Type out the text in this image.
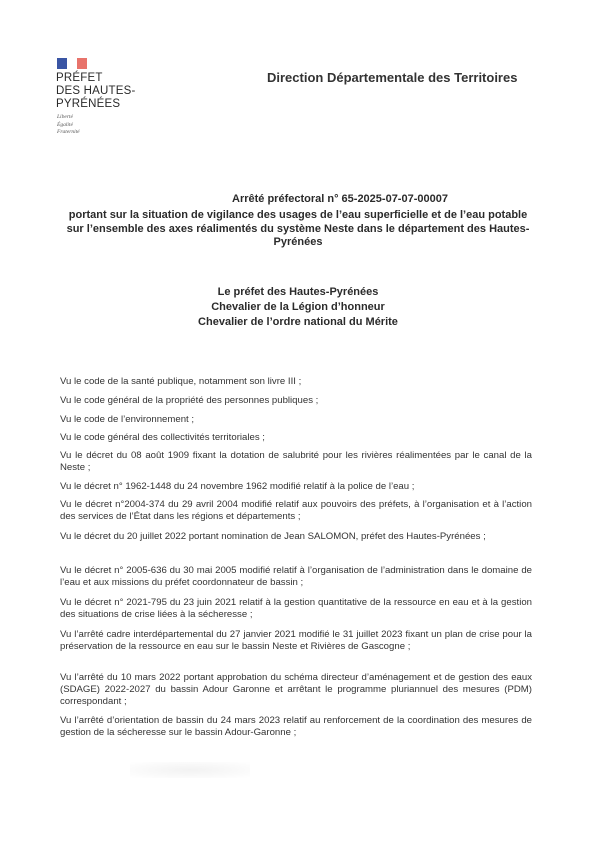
PRÉFET
DES HAUTES-
PYRÉNÉES
Liberté
Égalité
Fraternité
Direction Départementale des Territoires
Arrêté préfectoral n° 65-2025-07-07-00007
portant sur la situation de vigilance des usages de l’eau superficielle et de l’eau potable sur l’ensemble des axes réalimentés du système Neste dans le département des Hautes-Pyrénées
Le préfet des Hautes-Pyrénées
Chevalier de la Légion d’honneur
Chevalier de l’ordre national du Mérite
Vu le code de la santé publique, notamment son livre III ;
Vu le code général de la propriété des personnes publiques ;
Vu le code de l’environnement ;
Vu le code général des collectivités territoriales ;
Vu le décret du 08 août 1909 fixant la dotation de salubrité pour les rivières réalimentées par le canal de la Neste ;
Vu le décret n° 1962-1448 du 24 novembre 1962 modifié relatif à la police de l’eau ;
Vu le décret n°2004-374 du 29 avril 2004 modifié relatif aux pouvoirs des préfets, à l’organisation et à l’action des services de l’État dans les régions et départements ;
Vu le décret du 20 juillet 2022 portant nomination de Jean SALOMON, préfet des Hautes-Pyrénées ;
Vu le décret n° 2005-636 du 30 mai 2005 modifié relatif à l’organisation de l’administration dans le domaine de l’eau et aux missions du préfet coordonnateur de bassin ;
Vu le décret n° 2021-795 du 23 juin 2021 relatif à la gestion quantitative de la ressource en eau et à la gestion des situations de crise liées à la sécheresse ;
Vu l’arrêté cadre interdépartemental du 27 janvier 2021 modifié le 31 juillet 2023 fixant un plan de crise pour la préservation de la ressource en eau sur le bassin Neste et Rivières de Gascogne ;
Vu l’arrêté du 10 mars 2022 portant approbation du schéma directeur d’aménagement et de gestion des eaux (SDAGE) 2022-2027 du bassin Adour Garonne et arrêtant le programme pluriannuel des mesures (PDM) correspondant ;
Vu l’arrêté d’orientation de bassin du 24 mars 2023 relatif au renforcement de la coordination des mesures de gestion de la sécheresse sur le bassin Adour-Garonne ;
